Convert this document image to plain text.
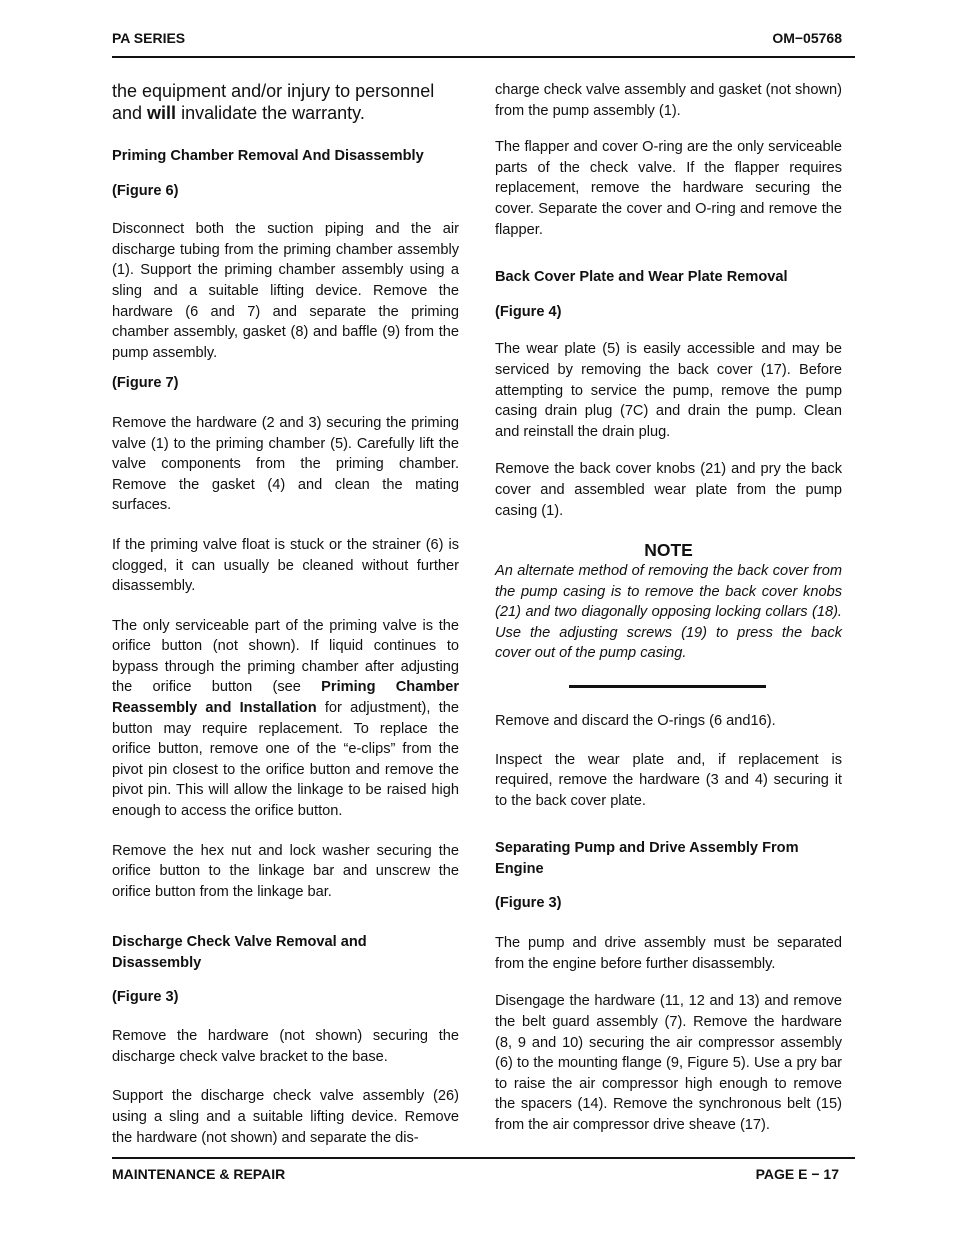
PA SERIES	OM−05768

the equipment and/or injury to personnel and will invalidate the warranty.

Priming Chamber Removal And Disassembly
(Figure 6)

Disconnect both the suction piping and the air discharge tubing from the priming chamber assembly (1). Support the priming chamber assembly using a sling and a suitable lifting device. Remove the hardware (6 and 7) and separate the priming chamber assembly, gasket (8) and baffle (9) from the pump assembly.

(Figure 7)

Remove the hardware (2 and 3) securing the priming valve (1) to the priming chamber (5). Carefully lift the valve components from the priming chamber. Remove the gasket (4) and clean the mating surfaces.

If the priming valve float is stuck or the strainer (6) is clogged, it can usually be cleaned without further disassembly.

The only serviceable part of the priming valve is the orifice button (not shown). If liquid continues to bypass through the priming chamber after adjusting the orifice button (see Priming Chamber Reassembly and Installation for adjustment), the button may require replacement. To replace the orifice button, remove one of the “e-clips” from the pivot pin closest to the orifice button and remove the pivot pin. This will allow the linkage to be raised high enough to access the orifice button.

Remove the hex nut and lock washer securing the orifice button to the linkage bar and unscrew the orifice button from the linkage bar.

Discharge Check Valve Removal and Disassembly
(Figure 3)

Remove the hardware (not shown) securing the discharge check valve bracket to the base.

Support the discharge check valve assembly (26) using a sling and a suitable lifting device. Remove the hardware (not shown) and separate the dis-

charge check valve assembly and gasket (not shown) from the pump assembly (1).

The flapper and cover O-ring are the only serviceable parts of the check valve. If the flapper requires replacement, remove the hardware securing the cover. Separate the cover and O-ring and remove the flapper.

Back Cover Plate and Wear Plate Removal
(Figure 4)

The wear plate (5) is easily accessible and may be serviced by removing the back cover (17). Before attempting to service the pump, remove the pump casing drain plug (7C) and drain the pump. Clean and reinstall the drain plug.

Remove the back cover knobs (21) and pry the back cover and assembled wear plate from the pump casing (1).

NOTE

An alternate method of removing the back cover from the pump casing is to remove the back cover knobs (21) and two diagonally opposing locking collars (18). Use the adjusting screws (19) to press the back cover out of the pump casing.

Remove and discard the O-rings (6 and16).

Inspect the wear plate and, if replacement is required, remove the hardware (3 and 4) securing it to the back cover plate.

Separating Pump and Drive Assembly From Engine
(Figure 3)

The pump and drive assembly must be separated from the engine before further disassembly.

Disengage the hardware (11, 12 and 13) and remove the belt guard assembly (7). Remove the hardware (8, 9 and 10) securing the air compressor assembly (6) to the mounting flange (9, Figure 5). Use a pry bar to raise the air compressor high enough to remove the spacers (14). Remove the synchronous belt (15) from the air compressor drive sheave (17).

MAINTENANCE & REPAIR	PAGE E − 17
